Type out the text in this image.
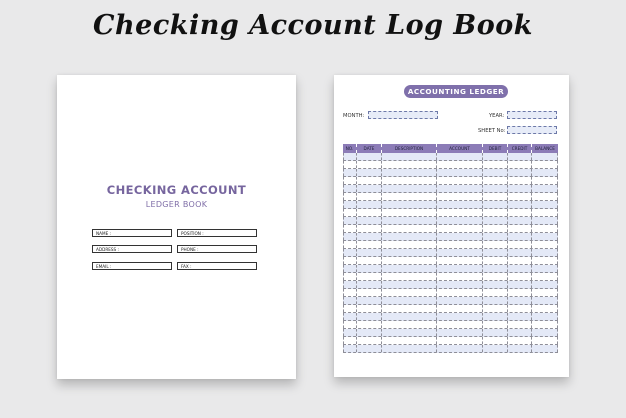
Checking Account Log Book
CHECKING ACCOUNT
LEDGER BOOK
NAME :	POSITION :
ADDRESS :	PHONE :
EMAIL :	FAX :
ACCOUNTING LEDGER
MONTH:	YEAR:
SHEET No:
NO.	DATE	DESCRIPTION	ACCOUNT	DEBIT	CREDIT	BALANCE
